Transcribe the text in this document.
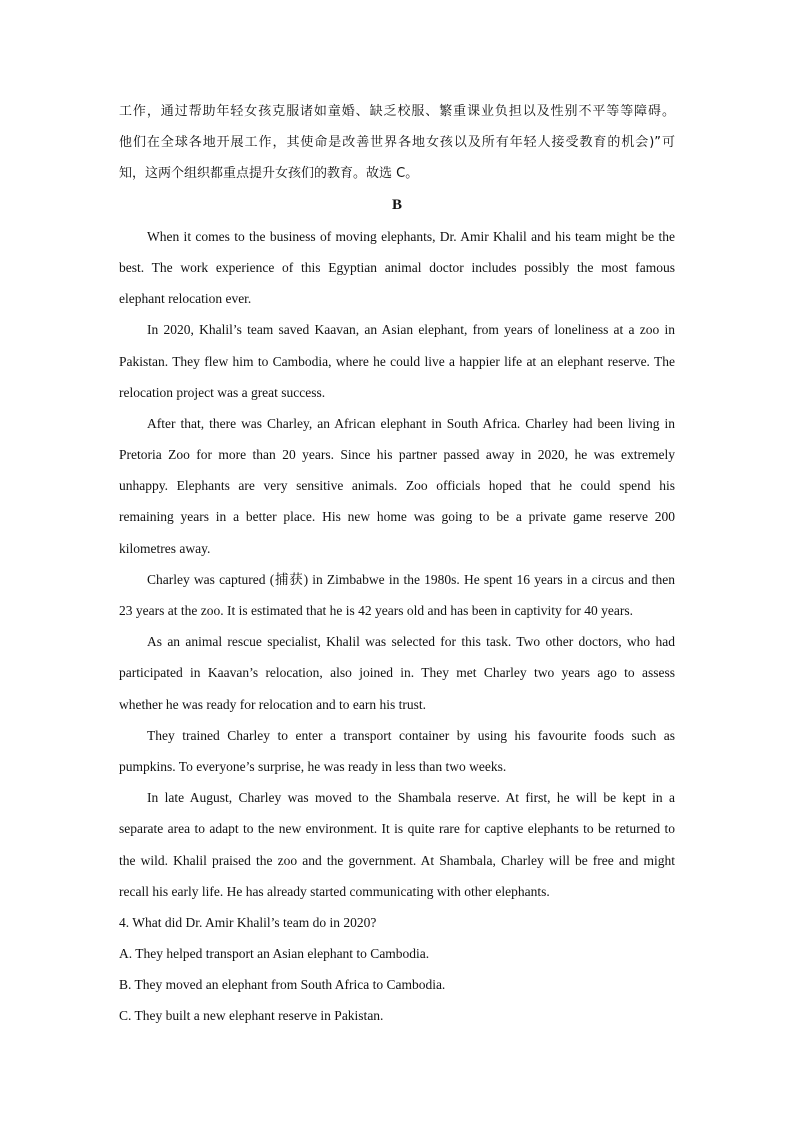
工作，通过帮助年轻女孩克服诸如童婚、缺乏校服、繁重课业负担以及性别不平等等障碍。
他们在全球各地开展工作，其使命是改善世界各地女孩以及所有年轻人接受教育的机会)”可
知，这两个组织都重点提升女孩们的教育。故选 C。
B
When it comes to the business of moving elephants, Dr. Amir Khalil and his team might be the
best. The work experience of this Egyptian animal doctor includes possibly the most famous
elephant relocation ever.
In 2020, Khalil’s team saved Kaavan, an Asian elephant, from years of loneliness at a zoo in
Pakistan. They flew him to Cambodia, where he could live a happier life at an elephant reserve. The
relocation project was a great success.
After that, there was Charley, an African elephant in South Africa. Charley had been living in
Pretoria Zoo for more than 20 years. Since his partner passed away in 2020, he was extremely
unhappy. Elephants are very sensitive animals. Zoo officials hoped that he could spend his
remaining years in a better place. His new home was going to be a private game reserve 200
kilometres away.
Charley was captured (捕获) in Zimbabwe in the 1980s. He spent 16 years in a circus and then
23 years at the zoo. It is estimated that he is 42 years old and has been in captivity for 40 years.
As an animal rescue specialist, Khalil was selected for this task. Two other doctors, who had
participated in Kaavan’s relocation, also joined in. They met Charley two years ago to assess
whether he was ready for relocation and to earn his trust.
They trained Charley to enter a transport container by using his favourite foods such as
pumpkins. To everyone’s surprise, he was ready in less than two weeks.
In late August, Charley was moved to the Shambala reserve. At first, he will be kept in a
separate area to adapt to the new environment. It is quite rare for captive elephants to be returned to
the wild. Khalil praised the zoo and the government. At Shambala, Charley will be free and might
recall his early life. He has already started communicating with other elephants.
4. What did Dr. Amir Khalil’s team do in 2020?
A. They helped transport an Asian elephant to Cambodia.
B. They moved an elephant from South Africa to Cambodia.
C. They built a new elephant reserve in Pakistan.
